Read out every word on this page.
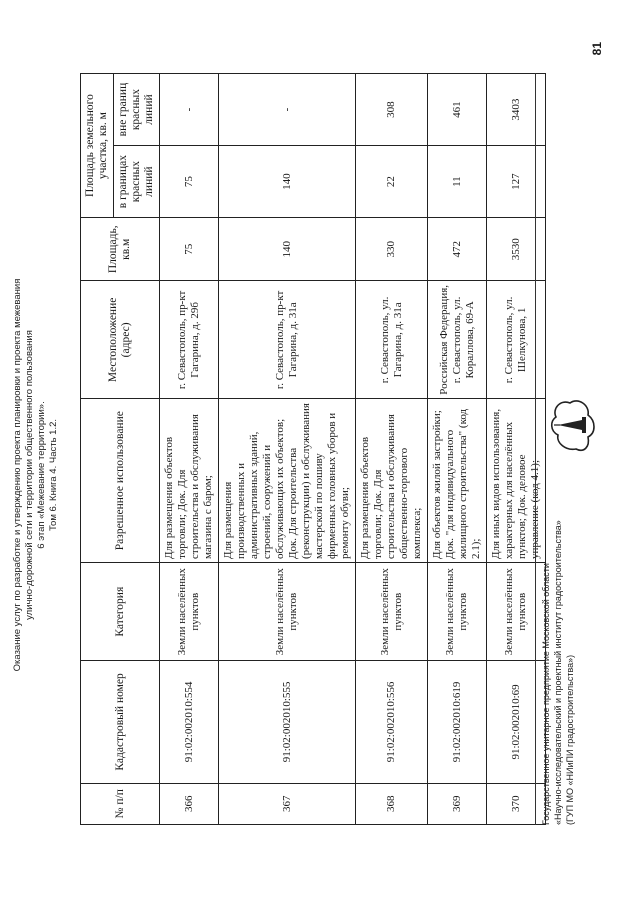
Оказание услуг по разработке и утверждению проекта планировки и проекта межевания улично-дорожной сети и территории общественного пользования 6 этап «Межевание территории». Том 6. Книга 4. Часть 1.2.
№ п/п	Кадастровый номер	Категория	Разрешенное использование	Местоположение (адрес)	Площадь, кв.м	Площадь земельного участка, кв. м	
						в границах красных линий	вне границ красных линий
366	91:02:002010:554	Земли населённых пунктов	Для размещения объектов торговли; Док. Для строительства и обслуживания магазина с баром;	г. Севастополь, пр-кт Гагарина, д. 29б	75	75	-
367	91:02:002010:555	Земли населённых пунктов	Для размещения производственных и административных зданий, строений, сооружений и обслуживающих их объектов; Док. Для строительства (реконструкции) и обслуживания мастерской по пошиву фирменных головных уборов и ремонту обуви;	г. Севастополь, пр-кт Гагарина, д. 31а	140	140	-
368	91:02:002010:556	Земли населённых пунктов	Для размещения объектов торговли; Док. Для строительства и обслуживания общественно-торгового комплекса;	г. Севастополь, ул. Гагарина, д. 31а	330	22	308
369	91:02:002010:619	Земли населённых пунктов	Для объектов жилой застройки; Док. "для индивидуального жилищного строительства" (код 2.1);	Российская Федерация, г. Севастополь, ул. Кораллова, 69-А	472	11	461
370	91:02:002010:69	Земли населённых пунктов	Для иных видов использования, характерных для населённых пунктов; Док. деловое управление (код 4.1);	г. Севастополь, ул. Шелкунова, 1	3530	127	3403
Государственное унитарное предприятие Московской области «Научно-исследовательский и проектный институт градостроительства» (ГУП МО «НИиПИ градостроительства»)
81
